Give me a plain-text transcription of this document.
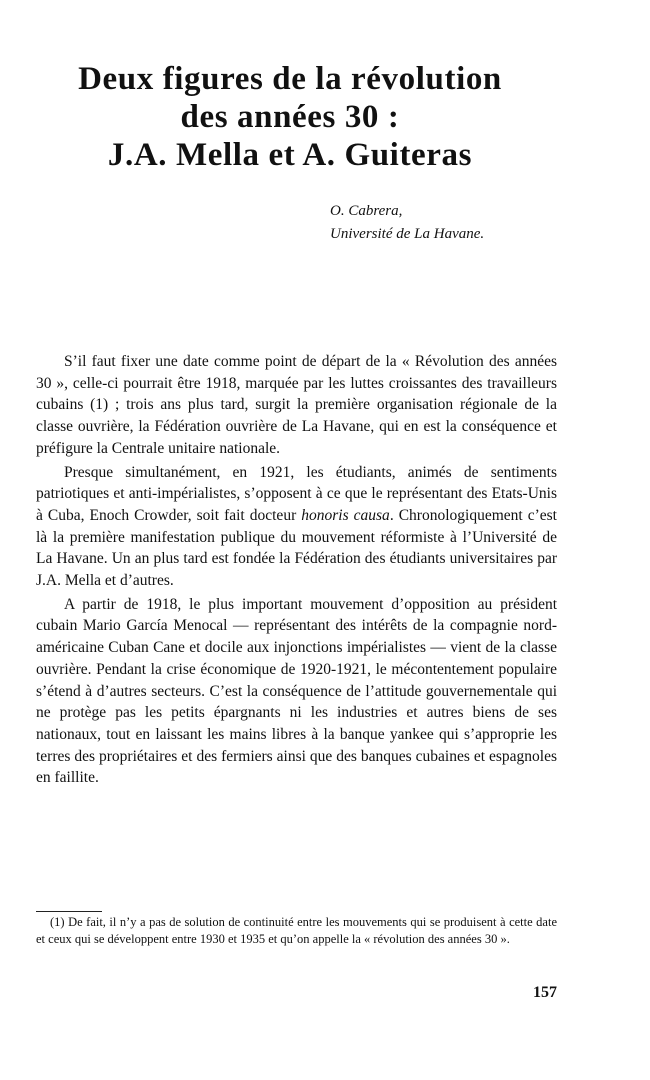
Deux figures de la révolution
des années 30 :
J.A. Mella et A. Guiteras
O. Cabrera,
Université de La Havane.

S’il faut fixer une date comme point de départ de la « Révolution des années 30 », celle-ci pourrait être 1918, marquée par les luttes croissantes des travailleurs cubains (1) ; trois ans plus tard, surgit la première organisation régionale de la classe ouvrière, la Fédération ouvrière de La Havane, qui en est la conséquence et préfigure la Centrale unitaire nationale.

Presque simultanément, en 1921, les étudiants, animés de sentiments patriotiques et anti-impérialistes, s’opposent à ce que le représentant des Etats-Unis à Cuba, Enoch Crowder, soit fait docteur honoris causa. Chronologiquement c’est là la première manifestation publique du mouvement réformiste à l’Université de La Havane. Un an plus tard est fondée la Fédération des étudiants universitaires par J.A. Mella et d’autres.

A partir de 1918, le plus important mouvement d’opposition au président cubain Mario García Menocal — représentant des intérêts de la compagnie nord-américaine Cuban Cane et docile aux injonctions impérialistes — vient de la classe ouvrière. Pendant la crise économique de 1920-1921, le mécontentement populaire s’étend à d’autres secteurs. C’est la conséquence de l’attitude gouvernementale qui ne protège pas les petits épargnants ni les industries et autres biens de ses nationaux, tout en laissant les mains libres à la banque yankee qui s’approprie les terres des propriétaires et des fermiers ainsi que des banques cubaines et espagnoles en faillite.

(1) De fait, il n’y a pas de solution de continuité entre les mouvements qui se produisent à cette date et ceux qui se développent entre 1930 et 1935 et qu’on appelle la « révolution des années 30 ».

157
